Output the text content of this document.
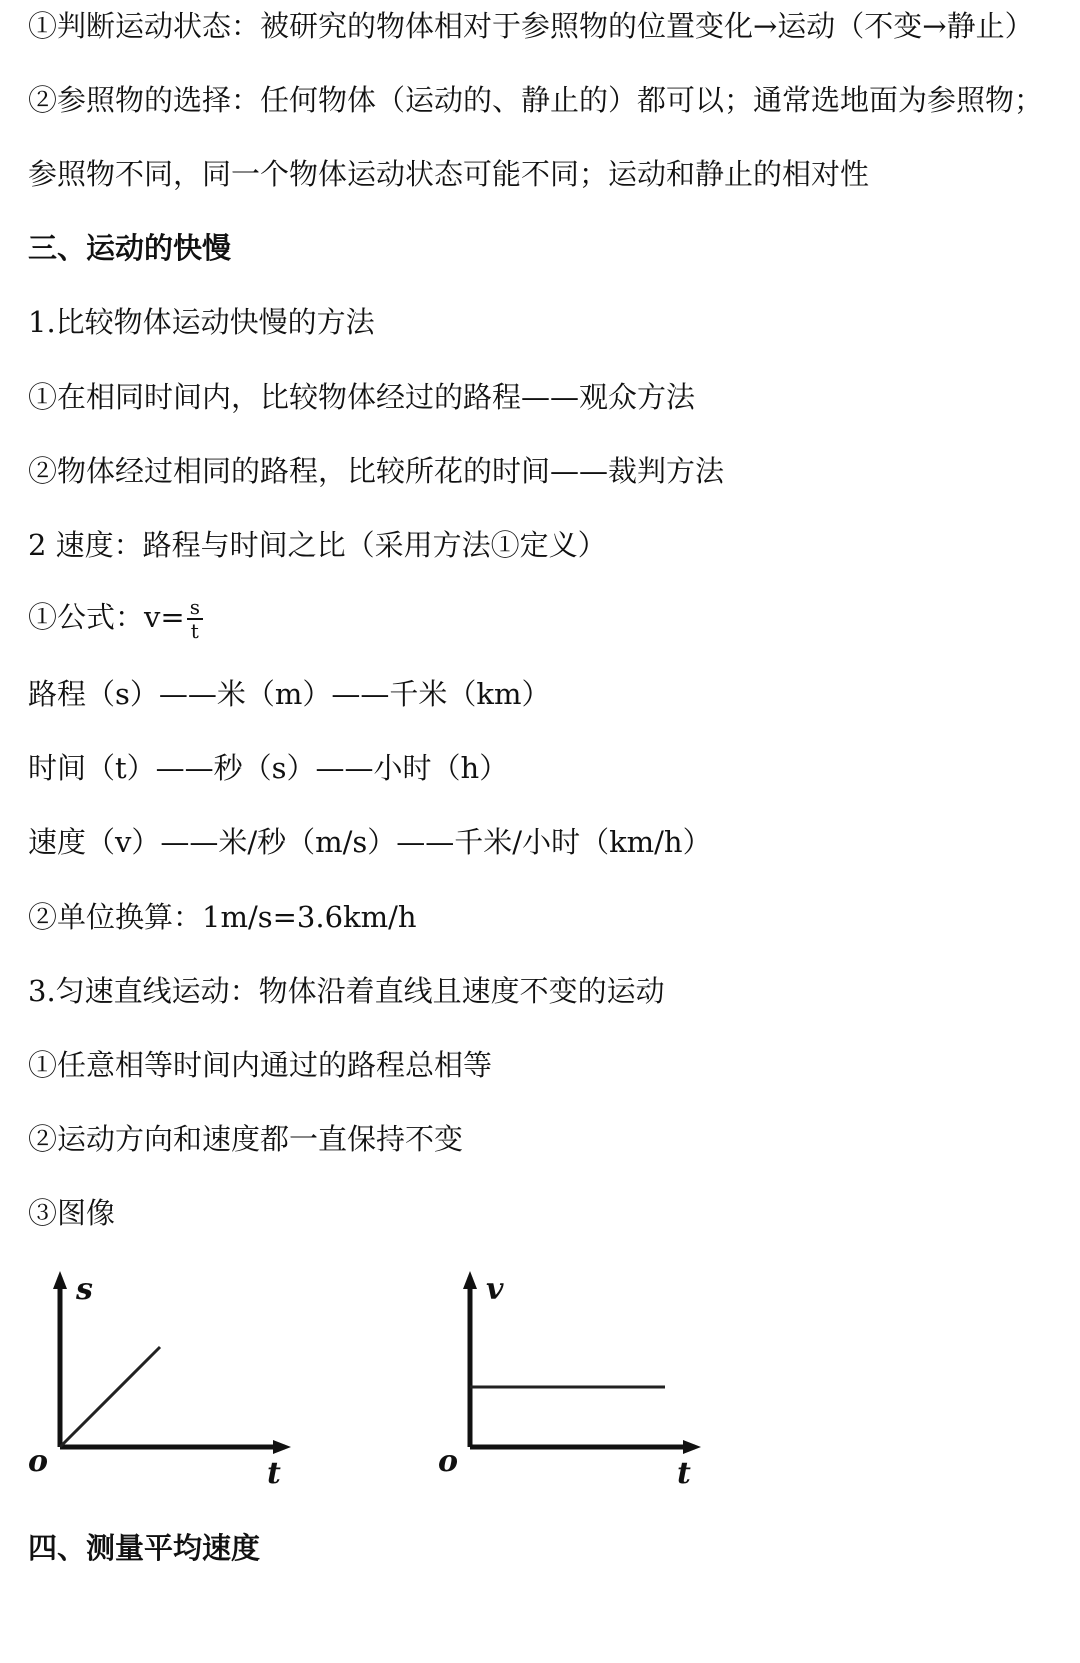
①判断运动状态：被研究的物体相对于参照物的位置变化→运动（不变→静止）
②参照物的选择：任何物体（运动的、静止的）都可以；通常选地面为参照物；
参照物不同，同一个物体运动状态可能不同；运动和静止的相对性
三、运动的快慢
1.比较物体运动快慢的方法
①在相同时间内，比较物体经过的路程——观众方法
②物体经过相同的路程，比较所花的时间——裁判方法
2 速度：路程与时间之比（采用方法①定义）
①公式：$v= \frac{s}{t}$
路程（s）——米（m）——千米（km）
时间（t）——秒（s）——小时（h）
速度（v）——米/秒（m/s）——千米/小时（km/h）
②单位换算：1m/s=3.6km/h
3.匀速直线运动：物体沿着直线且速度不变的运动
①任意相等时间内通过的路程总相等
②运动方向和速度都一直保持不变
③图像
s
t
o
v
t
o
四、测量平均速度
